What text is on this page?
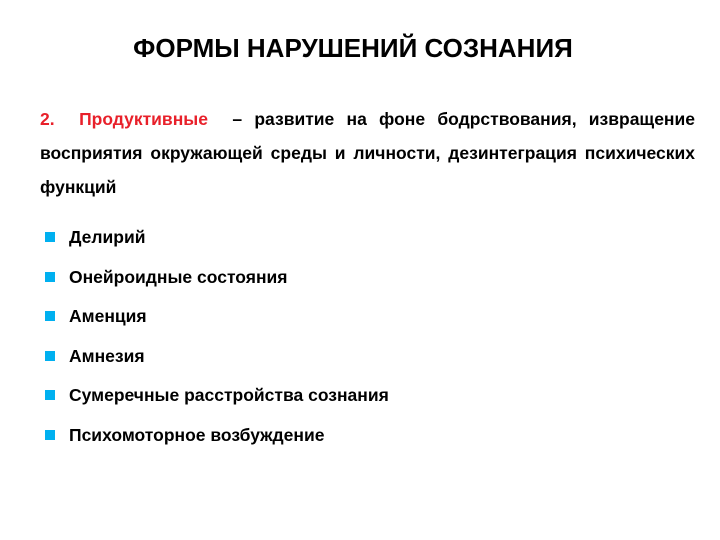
ФОРМЫ НАРУШЕНИЙ СОЗНАНИЯ
2. Продуктивные – развитие на фоне бодрствования, извращение восприятия окружающей среды и личности, дезинтеграция психических функций
Делирий
Онейроидные состояния
Аменция
Амнезия
Сумеречные расстройства сознания
Психомоторное возбуждение
